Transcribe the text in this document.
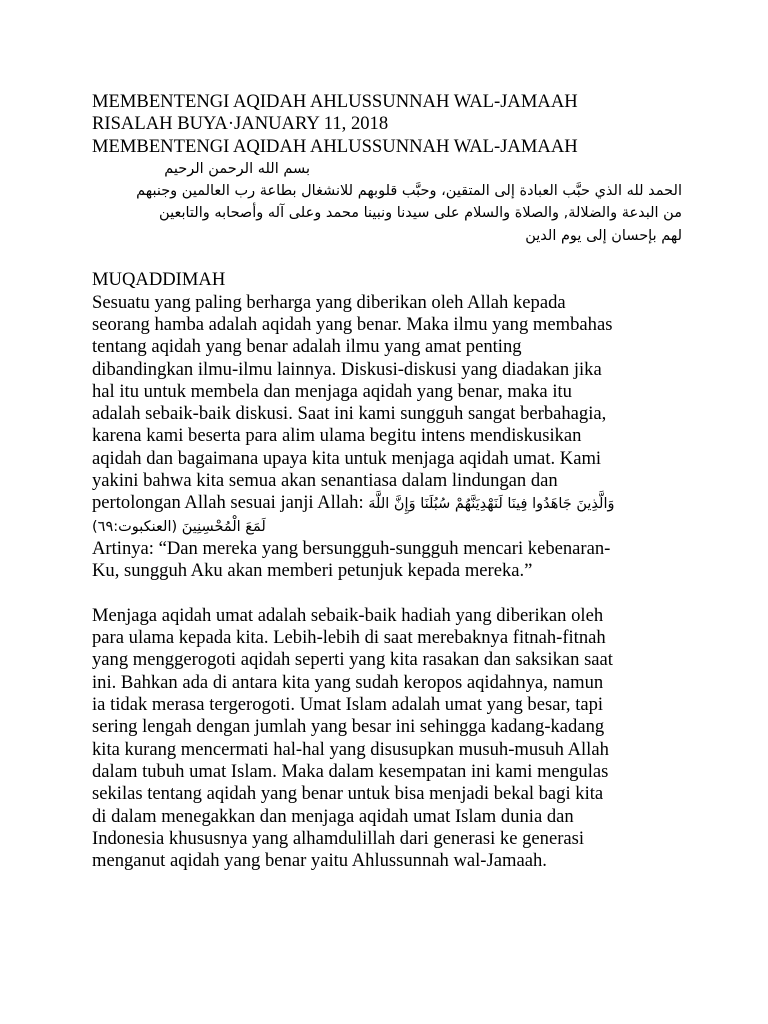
MEMBENTENGI AQIDAH AHLUSSUNNAH WAL-JAMAAH
RISALAH BUYA·JANUARY 11, 2018
MEMBENTENGI AQIDAH AHLUSSUNNAH WAL-JAMAAH
بسم الله الرحمن الرحيم
الحمد لله الذي حبَّب العبادة إلى المتقين، وحبَّب قلوبهم للانشغال بطاعة رب العالمين وجنبهم
من البدعة والضلالة, والصلاة والسلام على سيدنا ونبينا محمد وعلى آله وأصحابه والتابعين
لهم بإحسان إلى يوم الدين
MUQADDIMAH
Sesuatu yang paling berharga yang diberikan oleh Allah kepada
seorang hamba adalah aqidah yang benar. Maka ilmu yang membahas
tentang aqidah yang benar adalah ilmu yang amat penting
dibandingkan ilmu-ilmu lainnya. Diskusi-diskusi yang diadakan jika
hal itu untuk membela dan menjaga aqidah yang benar, maka itu
adalah sebaik-baik diskusi. Saat ini kami sungguh sangat berbahagia,
karena kami beserta para alim ulama begitu intens mendiskusikan
aqidah dan bagaimana upaya kita untuk menjaga aqidah umat. Kami
yakini bahwa kita semua akan senantiasa dalam lindungan dan
pertolongan Allah sesuai janji Allah: وَالَّذِينَ جَاهَدُوا فِينَا لَنَهْدِيَنَّهُمْ سُبُلَنَا وَإِنَّ اللَّهَ
لَمَعَ الْمُحْسِنِينَ (العنكبوت:٦٩)
Artinya: “Dan mereka yang bersungguh-sungguh mencari kebenaran-
Ku, sungguh Aku akan memberi petunjuk kepada mereka.”
Menjaga aqidah umat adalah sebaik-baik hadiah yang diberikan oleh
para ulama kepada kita. Lebih-lebih di saat merebaknya fitnah-fitnah
yang menggerogoti aqidah seperti yang kita rasakan dan saksikan saat
ini. Bahkan ada di antara kita yang sudah keropos aqidahnya, namun
ia tidak merasa tergerogoti. Umat Islam adalah umat yang besar, tapi
sering lengah dengan jumlah yang besar ini sehingga kadang-kadang
kita kurang mencermati hal-hal yang disusupkan musuh-musuh Allah
dalam tubuh umat Islam. Maka dalam kesempatan ini kami mengulas
sekilas tentang aqidah yang benar untuk bisa menjadi bekal bagi kita
di dalam menegakkan dan menjaga aqidah umat Islam dunia dan
Indonesia khususnya yang alhamdulillah dari generasi ke generasi
menganut aqidah yang benar yaitu Ahlussunnah wal-Jamaah.
